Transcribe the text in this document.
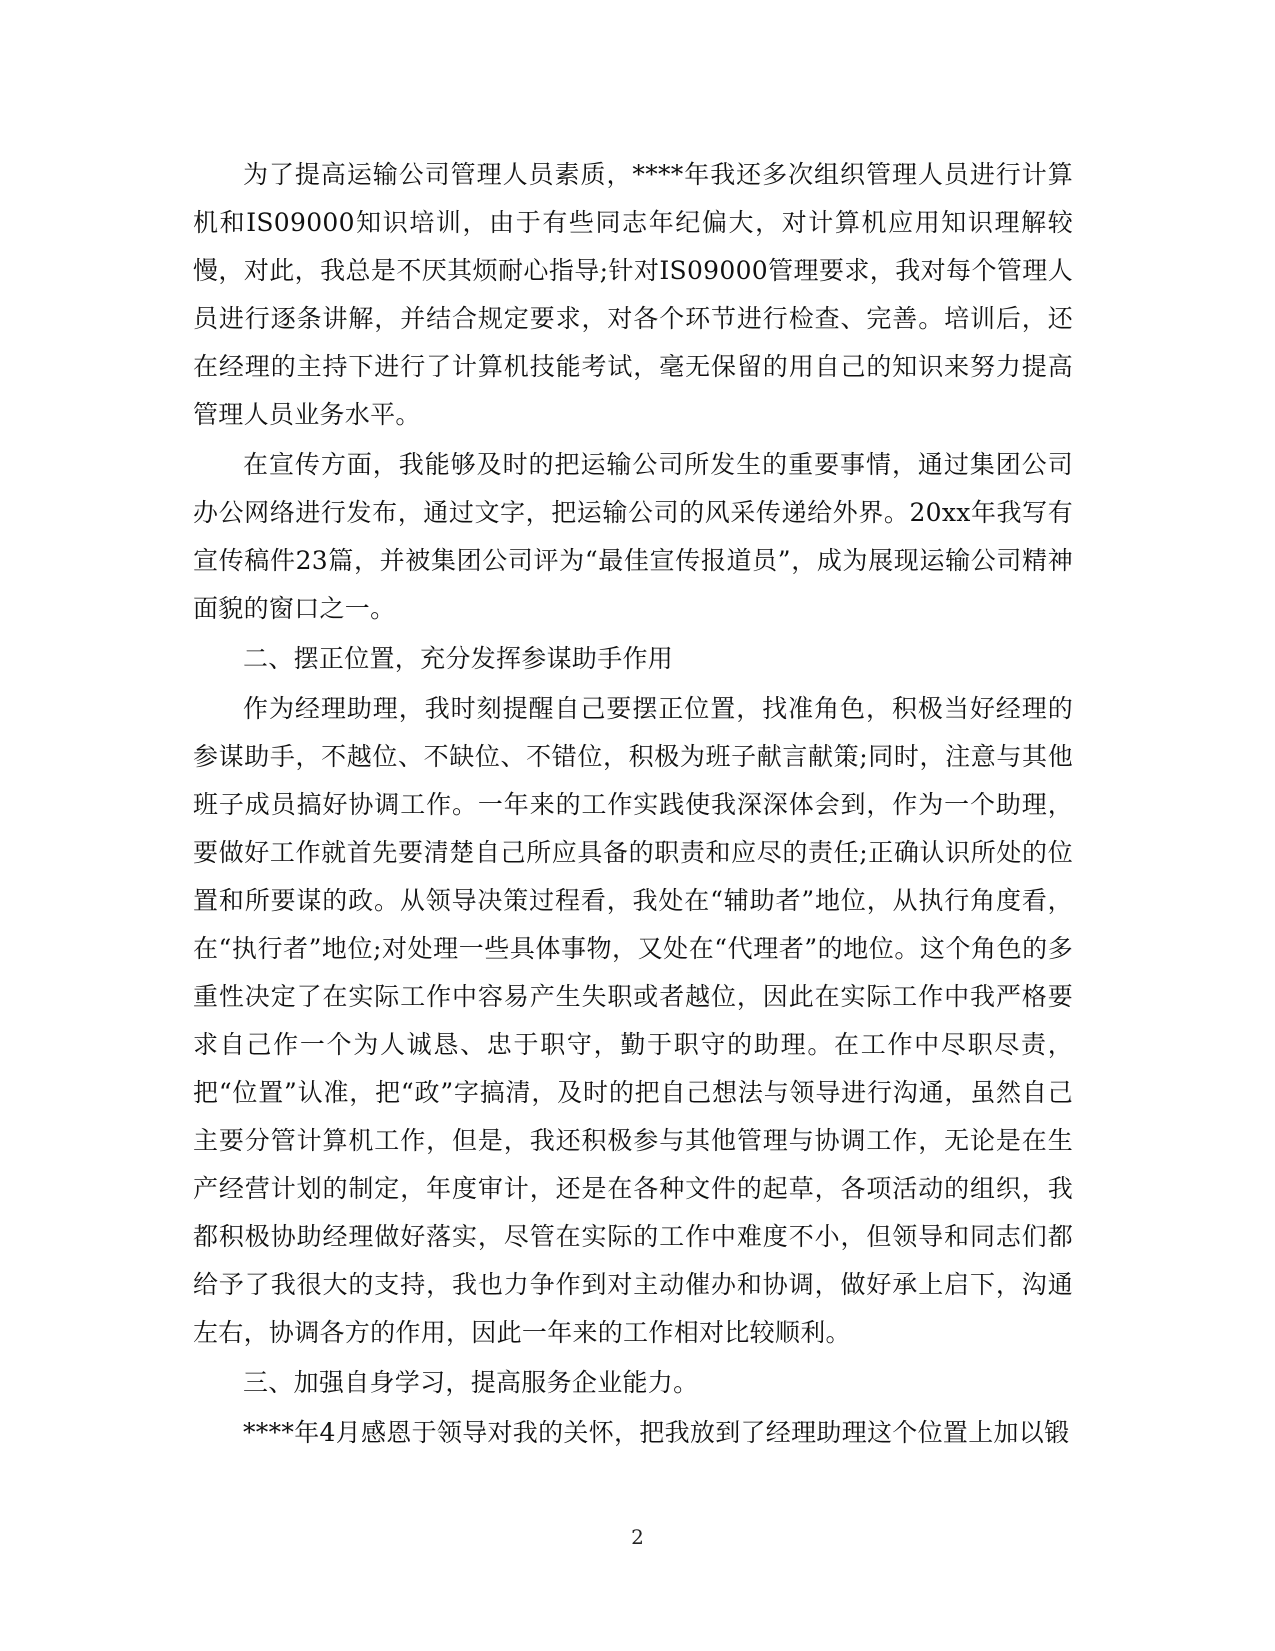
为了提高运输公司管理人员素质，****年我还多次组织管理人员进行计算机和IS09000知识培训，由于有些同志年纪偏大，对计算机应用知识理解较慢，对此，我总是不厌其烦耐心指导;针对IS09000管理要求，我对每个管理人员进行逐条讲解，并结合规定要求，对各个环节进行检查、完善。培训后，还在经理的主持下进行了计算机技能考试，毫无保留的用自己的知识来努力提高管理人员业务水平。

在宣传方面，我能够及时的把运输公司所发生的重要事情，通过集团公司办公网络进行发布，通过文字，把运输公司的风采传递给外界。20xx年我写有宣传稿件23篇，并被集团公司评为“最佳宣传报道员”，成为展现运输公司精神面貌的窗口之一。

二、摆正位置，充分发挥参谋助手作用

作为经理助理，我时刻提醒自己要摆正位置，找准角色，积极当好经理的参谋助手，不越位、不缺位、不错位，积极为班子献言献策;同时，注意与其他班子成员搞好协调工作。一年来的工作实践使我深深体会到，作为一个助理，要做好工作就首先要清楚自己所应具备的职责和应尽的责任;正确认识所处的位置和所要谋的政。从领导决策过程看，我处在“辅助者”地位，从执行角度看，在“执行者”地位;对处理一些具体事物，又处在“代理者”的地位。这个角色的多重性决定了在实际工作中容易产生失职或者越位，因此在实际工作中我严格要求自己作一个为人诚恳、忠于职守，勤于职守的助理。在工作中尽职尽责，把“位置”认准，把“政”字搞清，及时的把自己想法与领导进行沟通，虽然自己主要分管计算机工作，但是，我还积极参与其他管理与协调工作，无论是在生产经营计划的制定，年度审计，还是在各种文件的起草，各项活动的组织，我都积极协助经理做好落实，尽管在实际的工作中难度不小，但领导和同志们都给予了我很大的支持，我也力争作到对主动催办和协调，做好承上启下，沟通左右，协调各方的作用，因此一年来的工作相对比较顺利。

三、加强自身学习，提高服务企业能力。

****年4月感恩于领导对我的关怀，把我放到了经理助理这个位置上加以锻

2
